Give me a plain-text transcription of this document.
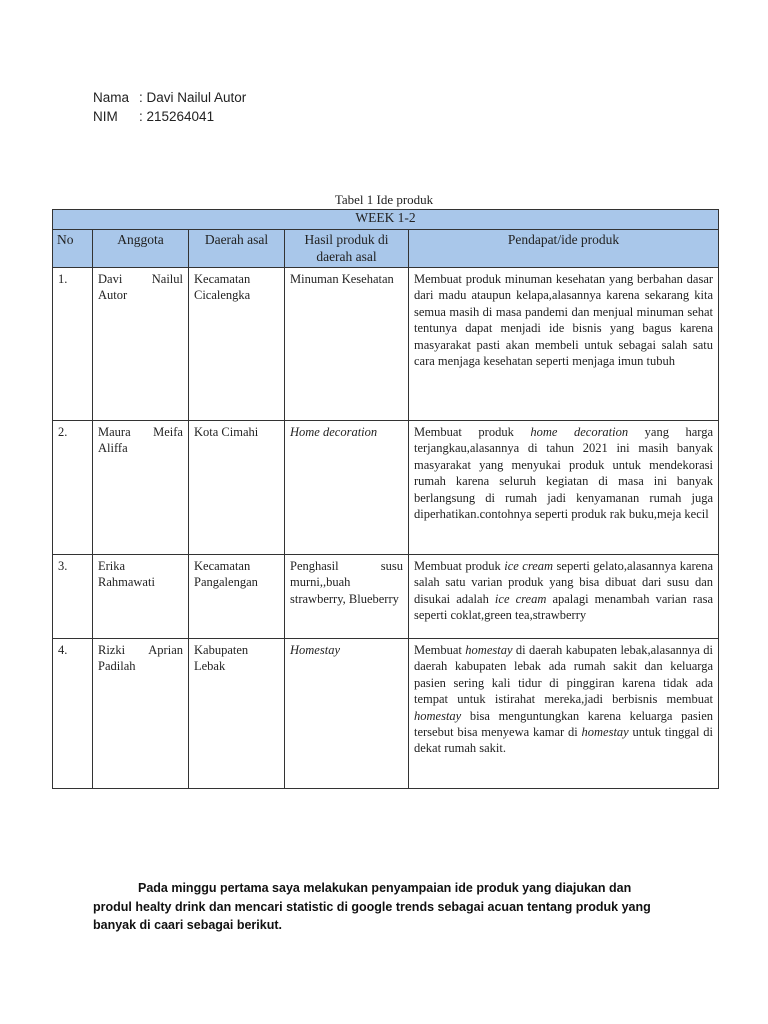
Nama : Davi Nailul Autor
NIM	: 215264041
Tabel 1 Ide produk
WEEK 1-2				
No	Anggota	Daerah asal	Hasil produk di daerah asal	Pendapat/ide produk
1.	Davi Nailul Autor	Kecamatan Cicalengka	Minuman Kesehatan	Membuat produk minuman kesehatan yang berbahan dasar dari madu ataupun kelapa,alasannya karena sekarang kita semua masih di masa pandemi dan menjual minuman sehat tentunya dapat menjadi ide bisnis yang bagus karena masyarakat pasti akan membeli untuk sebagai salah satu cara menjaga kesehatan seperti menjaga imun tubuh
2.	Maura Meifa Aliffa	Kota Cimahi	Home decoration	Membuat produk home decoration yang harga terjangkau,alasannya di tahun 2021 ini masih banyak masyarakat yang menyukai produk untuk mendekorasi rumah karena seluruh kegiatan di masa ini banyak berlangsung di rumah jadi kenyamanan rumah juga diperhatikan.contohnya seperti produk rak buku,meja kecil
3.	Erika Rahmawati	Kecamatan Pangalengan	Penghasil susu murni,,buah strawberry, Blueberry	Membuat produk ice cream seperti gelato,alasannya karena salah satu varian produk yang bisa dibuat dari susu dan disukai adalah ice cream apalagi menambah varian rasa seperti coklat,green tea,strawberry
4.	Rizki Aprian Padilah	Kabupaten Lebak	Homestay	Membuat homestay di daerah kabupaten lebak,alasannya di daerah kabupaten lebak ada rumah sakit dan keluarga pasien sering kali tidur di pinggiran karena tidak ada tempat untuk istirahat mereka,jadi berbisnis membuat homestay bisa menguntungkan karena keluarga pasien tersebut bisa menyewa kamar di homestay untuk tinggal di dekat rumah sakit.
Pada minggu pertama saya melakukan penyampaian ide produk yang diajukan dan produl healty drink dan mencari statistic di google trends sebagai acuan tentang produk yang banyak di caari sebagai berikut.
